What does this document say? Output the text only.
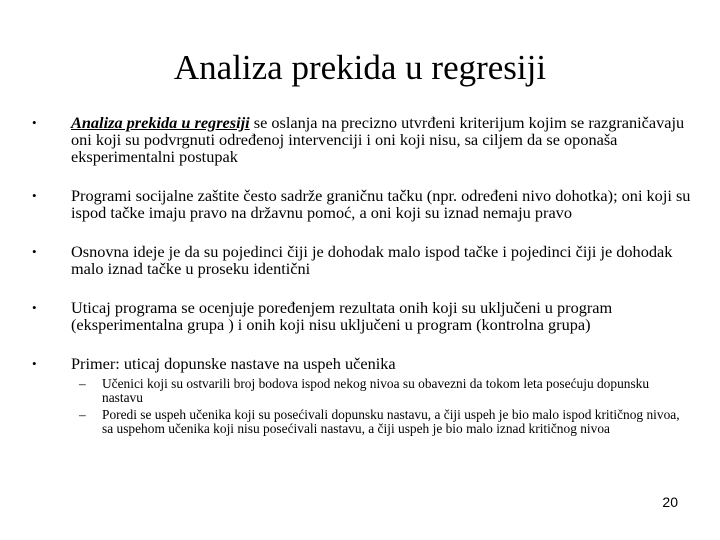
Analiza prekida u regresiji
•	Analiza prekida u regresiji se oslanja na precizno utvrđeni kriterijum kojim se razgraničavaju oni koji su podvrgnuti određenoj intervenciji i oni koji nisu, sa ciljem da se oponaša eksperimentalni postupak
•	Programi socijalne zaštite često sadrže graničnu tačku (npr. određeni nivo dohotka); oni koji su ispod tačke imaju pravo na državnu pomoć, a oni koji su iznad nemaju pravo
•	Osnovna ideje je da su pojedinci čiji je dohodak malo ispod tačke i pojedinci čiji je dohodak malo iznad tačke u proseku identični
•	Uticaj programa se ocenjuje poređenjem rezultata onih koji su uključeni u program (eksperimentalna grupa ) i onih koji nisu uključeni u program (kontrolna grupa)
•	Primer: uticaj dopunske nastave na uspeh učenika
– Učenici koji su ostvarili broj bodova ispod nekog nivoa su obavezni da tokom leta posećuju dopunsku nastavu
– Poredi se uspeh učenika koji su posećivali dopunsku nastavu, a čiji uspeh je bio malo ispod kritičnog nivoa, sa uspehom učenika koji nisu posećivali nastavu, a čiji uspeh je bio malo iznad kritičnog nivoa
20
